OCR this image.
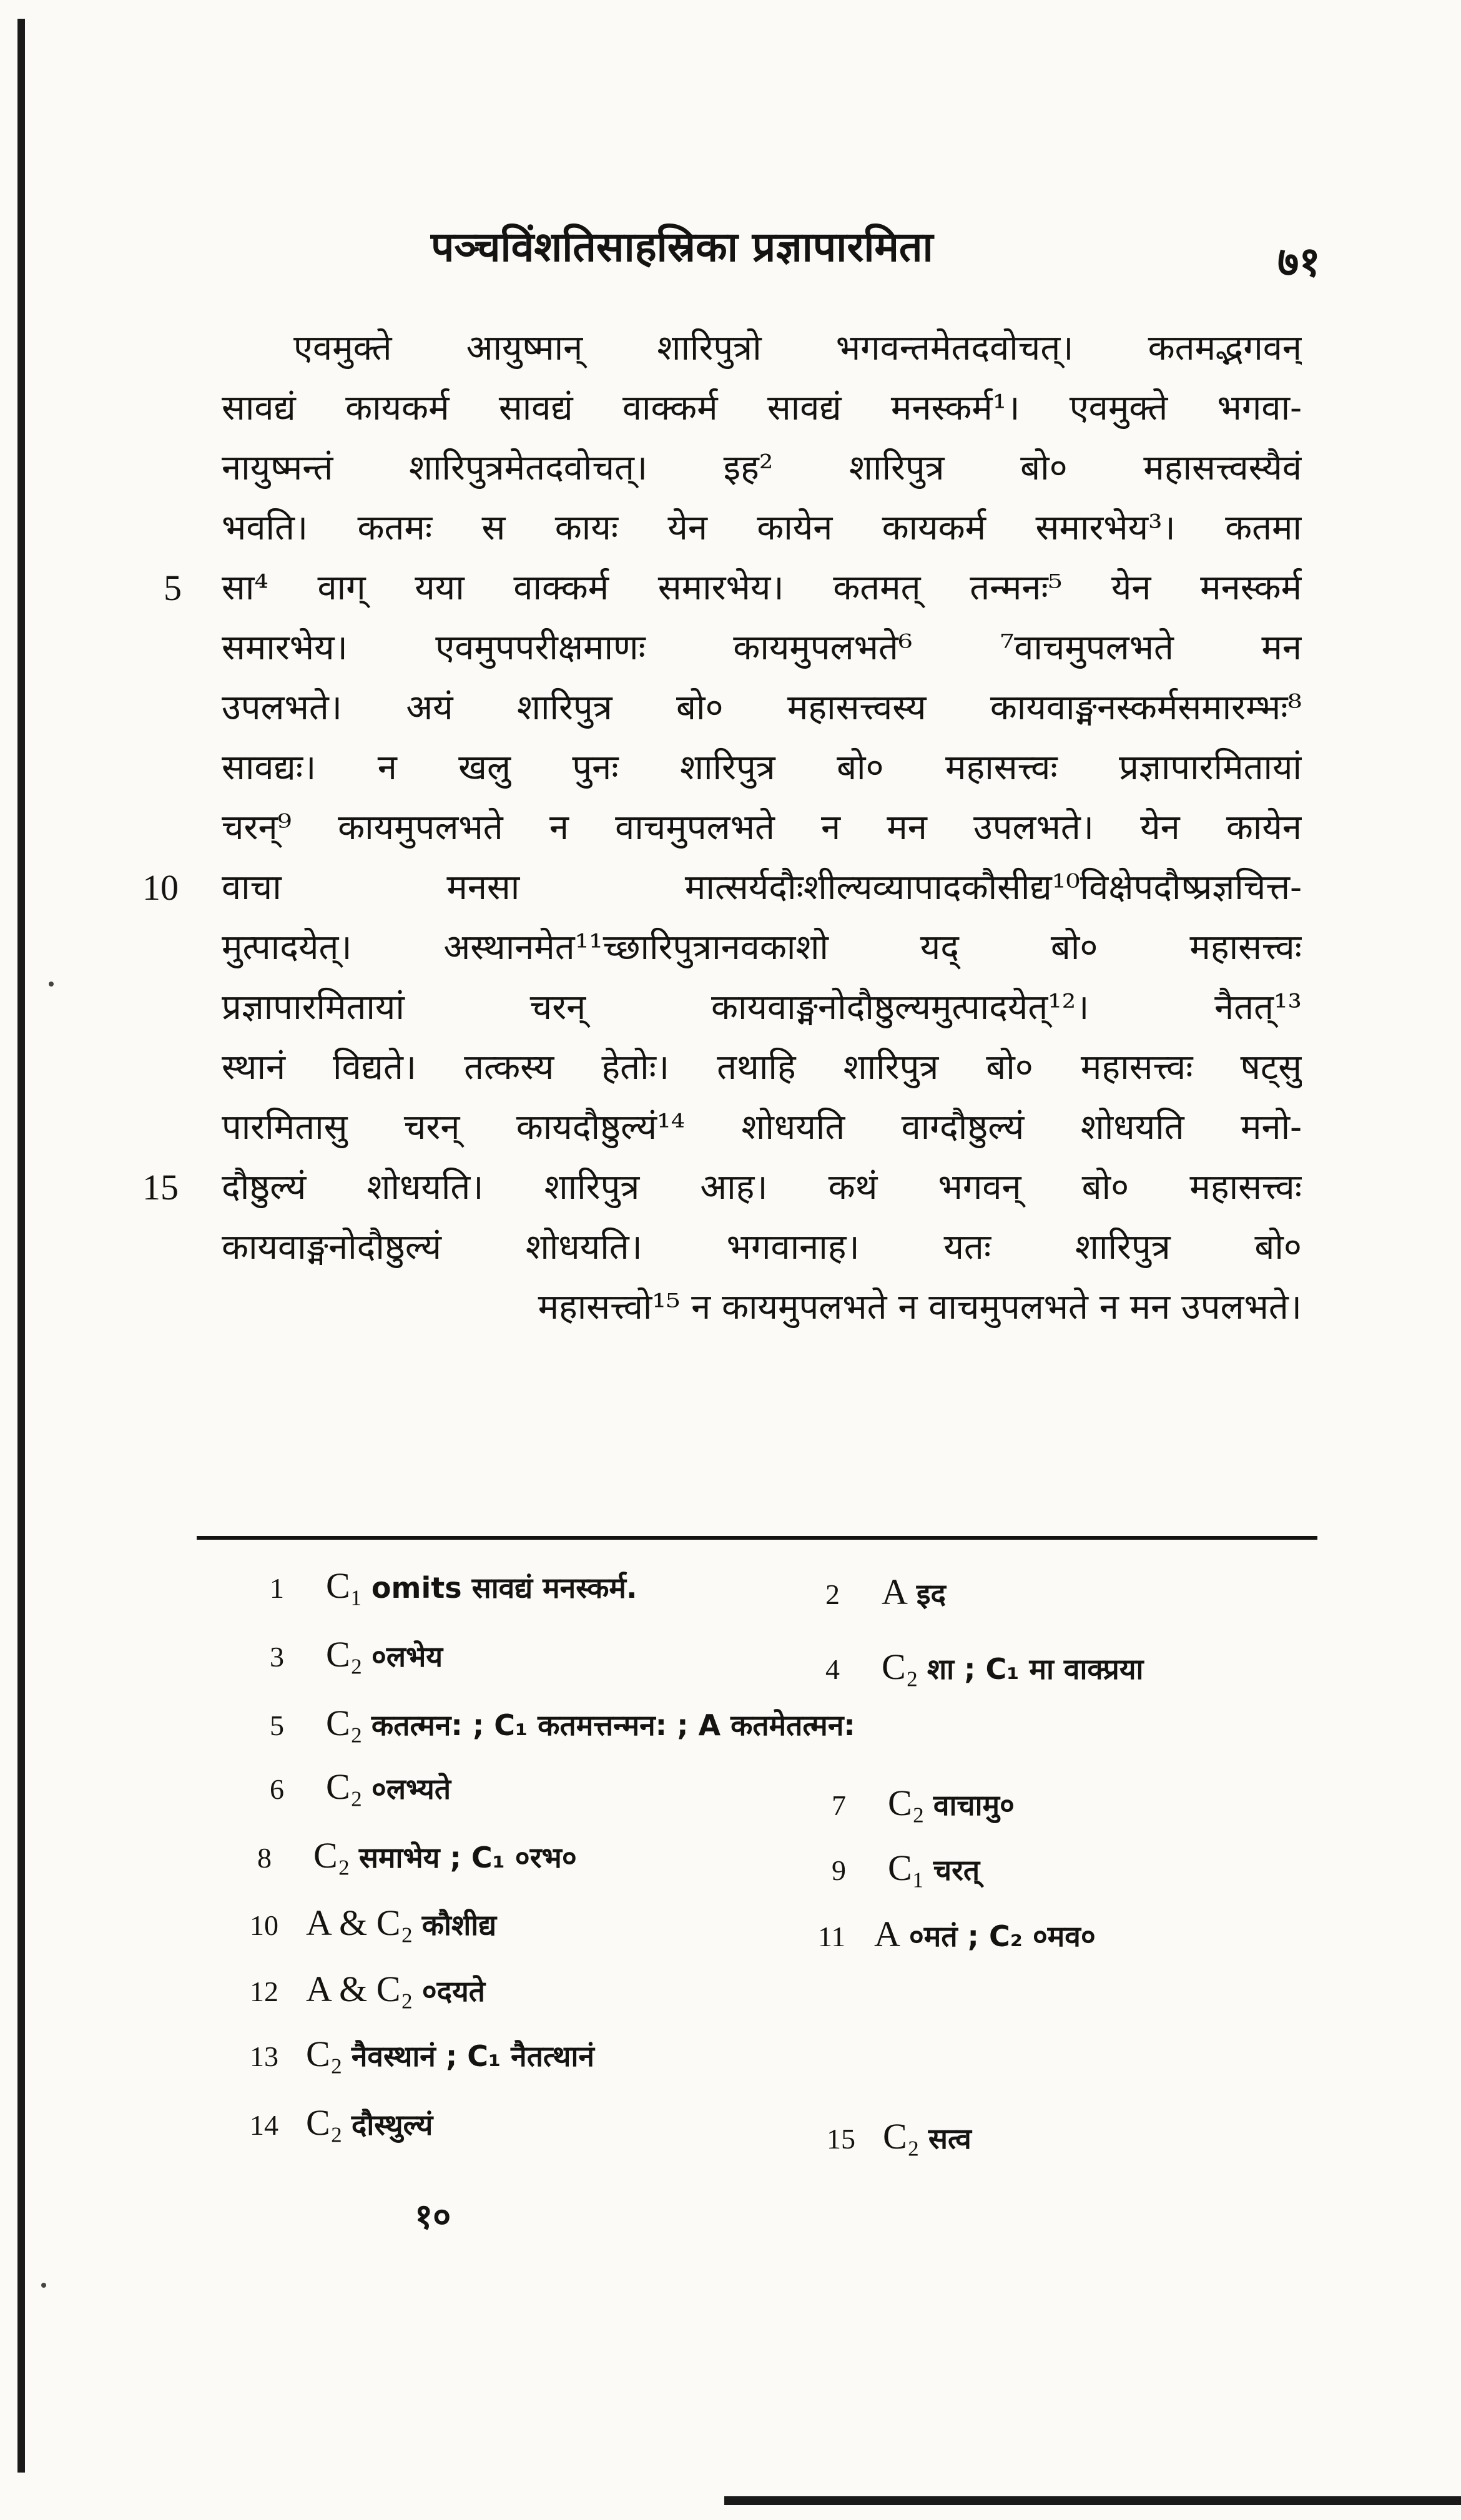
पञ्चविंशतिसाहस्रिका प्रज्ञापारमिता	७१
एवमुक्ते आयुष्मान् शारिपुत्रो भगवन्तमेतदवोचत्। कतमद्भगवन्
सावद्यं कायकर्म सावद्यं वाक्कर्म सावद्यं मनस्कर्म¹। एवमुक्ते भगवा-
नायुष्मन्तं शारिपुत्रमेतदवोचत्। इह² शारिपुत्र बो० महासत्त्वस्यैवं
भवति। कतमः स कायः येन कायेन कायकर्म समारभेय³। कतमा
सा⁴ वाग् यया वाक्कर्म समारभेय। कतमत् तन्मनः⁵ येन मनस्कर्म
समारभेय। एवमुपपरीक्षमाणः कायमुपलभते⁶ ⁷वाचमुपलभते मन
उपलभते। अयं शारिपुत्र बो० महासत्त्वस्य कायवाङ्मनस्कर्मसमारम्भः⁸
सावद्यः। न खलु पुनः शारिपुत्र बो० महासत्त्वः प्रज्ञापारमितायां
चरन्⁹ कायमुपलभते न वाचमुपलभते न मन उपलभते। येन कायेन
वाचा मनसा मात्सर्यदौःशील्यव्यापादकौसीद्य¹⁰विक्षेपदौष्प्रज्ञचित्त-
मुत्पादयेत्। अस्थानमेत¹¹च्छारिपुत्रानवकाशो यद् बो० महासत्त्वः
प्रज्ञापारमितायां चरन् कायवाङ्मनोदौष्ठुल्यमुत्पादयेत्¹²। नैतत्¹³
स्थानं विद्यते। तत्कस्य हेतोः। तथाहि शारिपुत्र बो० महासत्त्वः षट्सु
पारमितासु चरन् कायदौष्ठुल्यं¹⁴ शोधयति वाग्दौष्ठुल्यं शोधयति मनो-
दौष्ठुल्यं शोधयति। शारिपुत्र आह। कथं भगवन् बो० महासत्त्वः
कायवाङ्मनोदौष्ठुल्यं शोधयति। भगवानाह। यतः शारिपुत्र बो०
महासत्त्वो¹⁵ न कायमुपलभते न वाचमुपलभते न मन उपलभते।
5
10
15
1 C₁ omits सावद्यं मनस्कर्म.	2 A इद
3 C₂ ०लभेय	4 C₂ शा ; C₁ मा वाक्प्रया
5 C₂ कतत्मन: ; C₁ कतमत्तन्मन: ; A कतमेतत्मन:
6 C₂ ०लभ्यते	7 C₂ वाचामु०
8 C₂ समाभेय ; C₁ ०रभ०	9 C₁ चरत्
10 A & C₂ कौशीद्य	11 A ०मतं ; C₂ ०मव०
12 A & C₂ ०दयते
13 C₂ नैवस्थानं ; C₁ नैतत्थानं
14 C₂ दौस्थुल्यं	15 C₂ सत्व
१०
